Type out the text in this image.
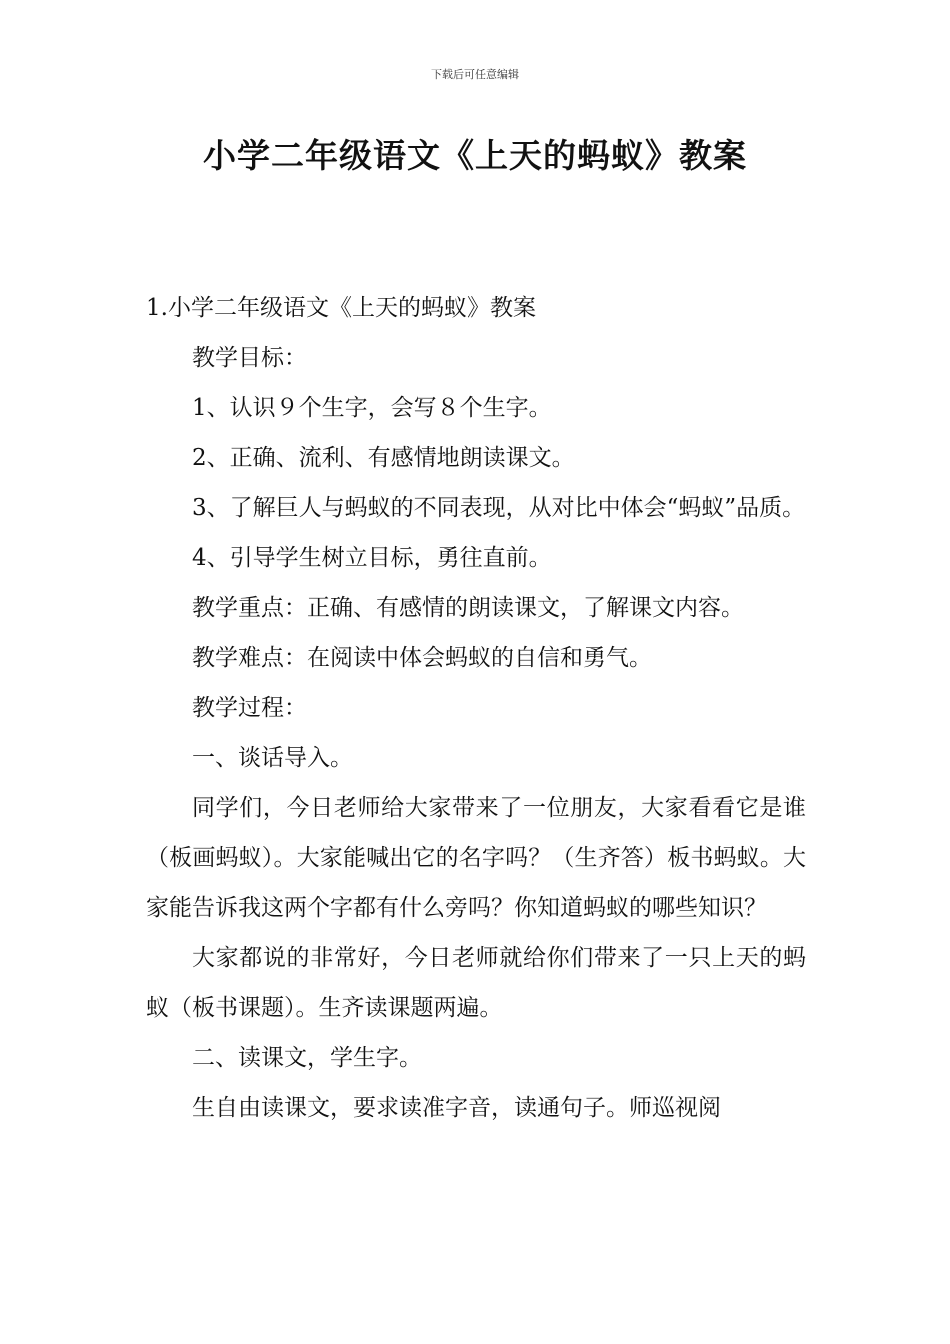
下载后可任意编辑
小学二年级语文《上天的蚂蚁》教案

1.小学二年级语文《上天的蚂蚁》教案

教学目标：

1、认识９个生字，会写８个生字。

2、正确、流利、有感情地朗读课文。

3、了解巨人与蚂蚁的不同表现，从对比中体会“蚂蚁”品质。

4、引导学生树立目标，勇往直前。

教学重点：正确、有感情的朗读课文，了解课文内容。

教学难点：在阅读中体会蚂蚁的自信和勇气。

教学过程：

一、谈话导入。

同学们，今日老师给大家带来了一位朋友，大家看看它是谁（板画蚂蚁）。大家能喊出它的名字吗？（生齐答）板书蚂蚁。大家能告诉我这两个字都有什么旁吗？你知道蚂蚁的哪些知识？

大家都说的非常好，今日老师就给你们带来了一只上天的蚂蚁（板书课题）。生齐读课题两遍。

二、读课文，学生字。

生自由读课文，要求读准字音，读通句子。师巡视阅
